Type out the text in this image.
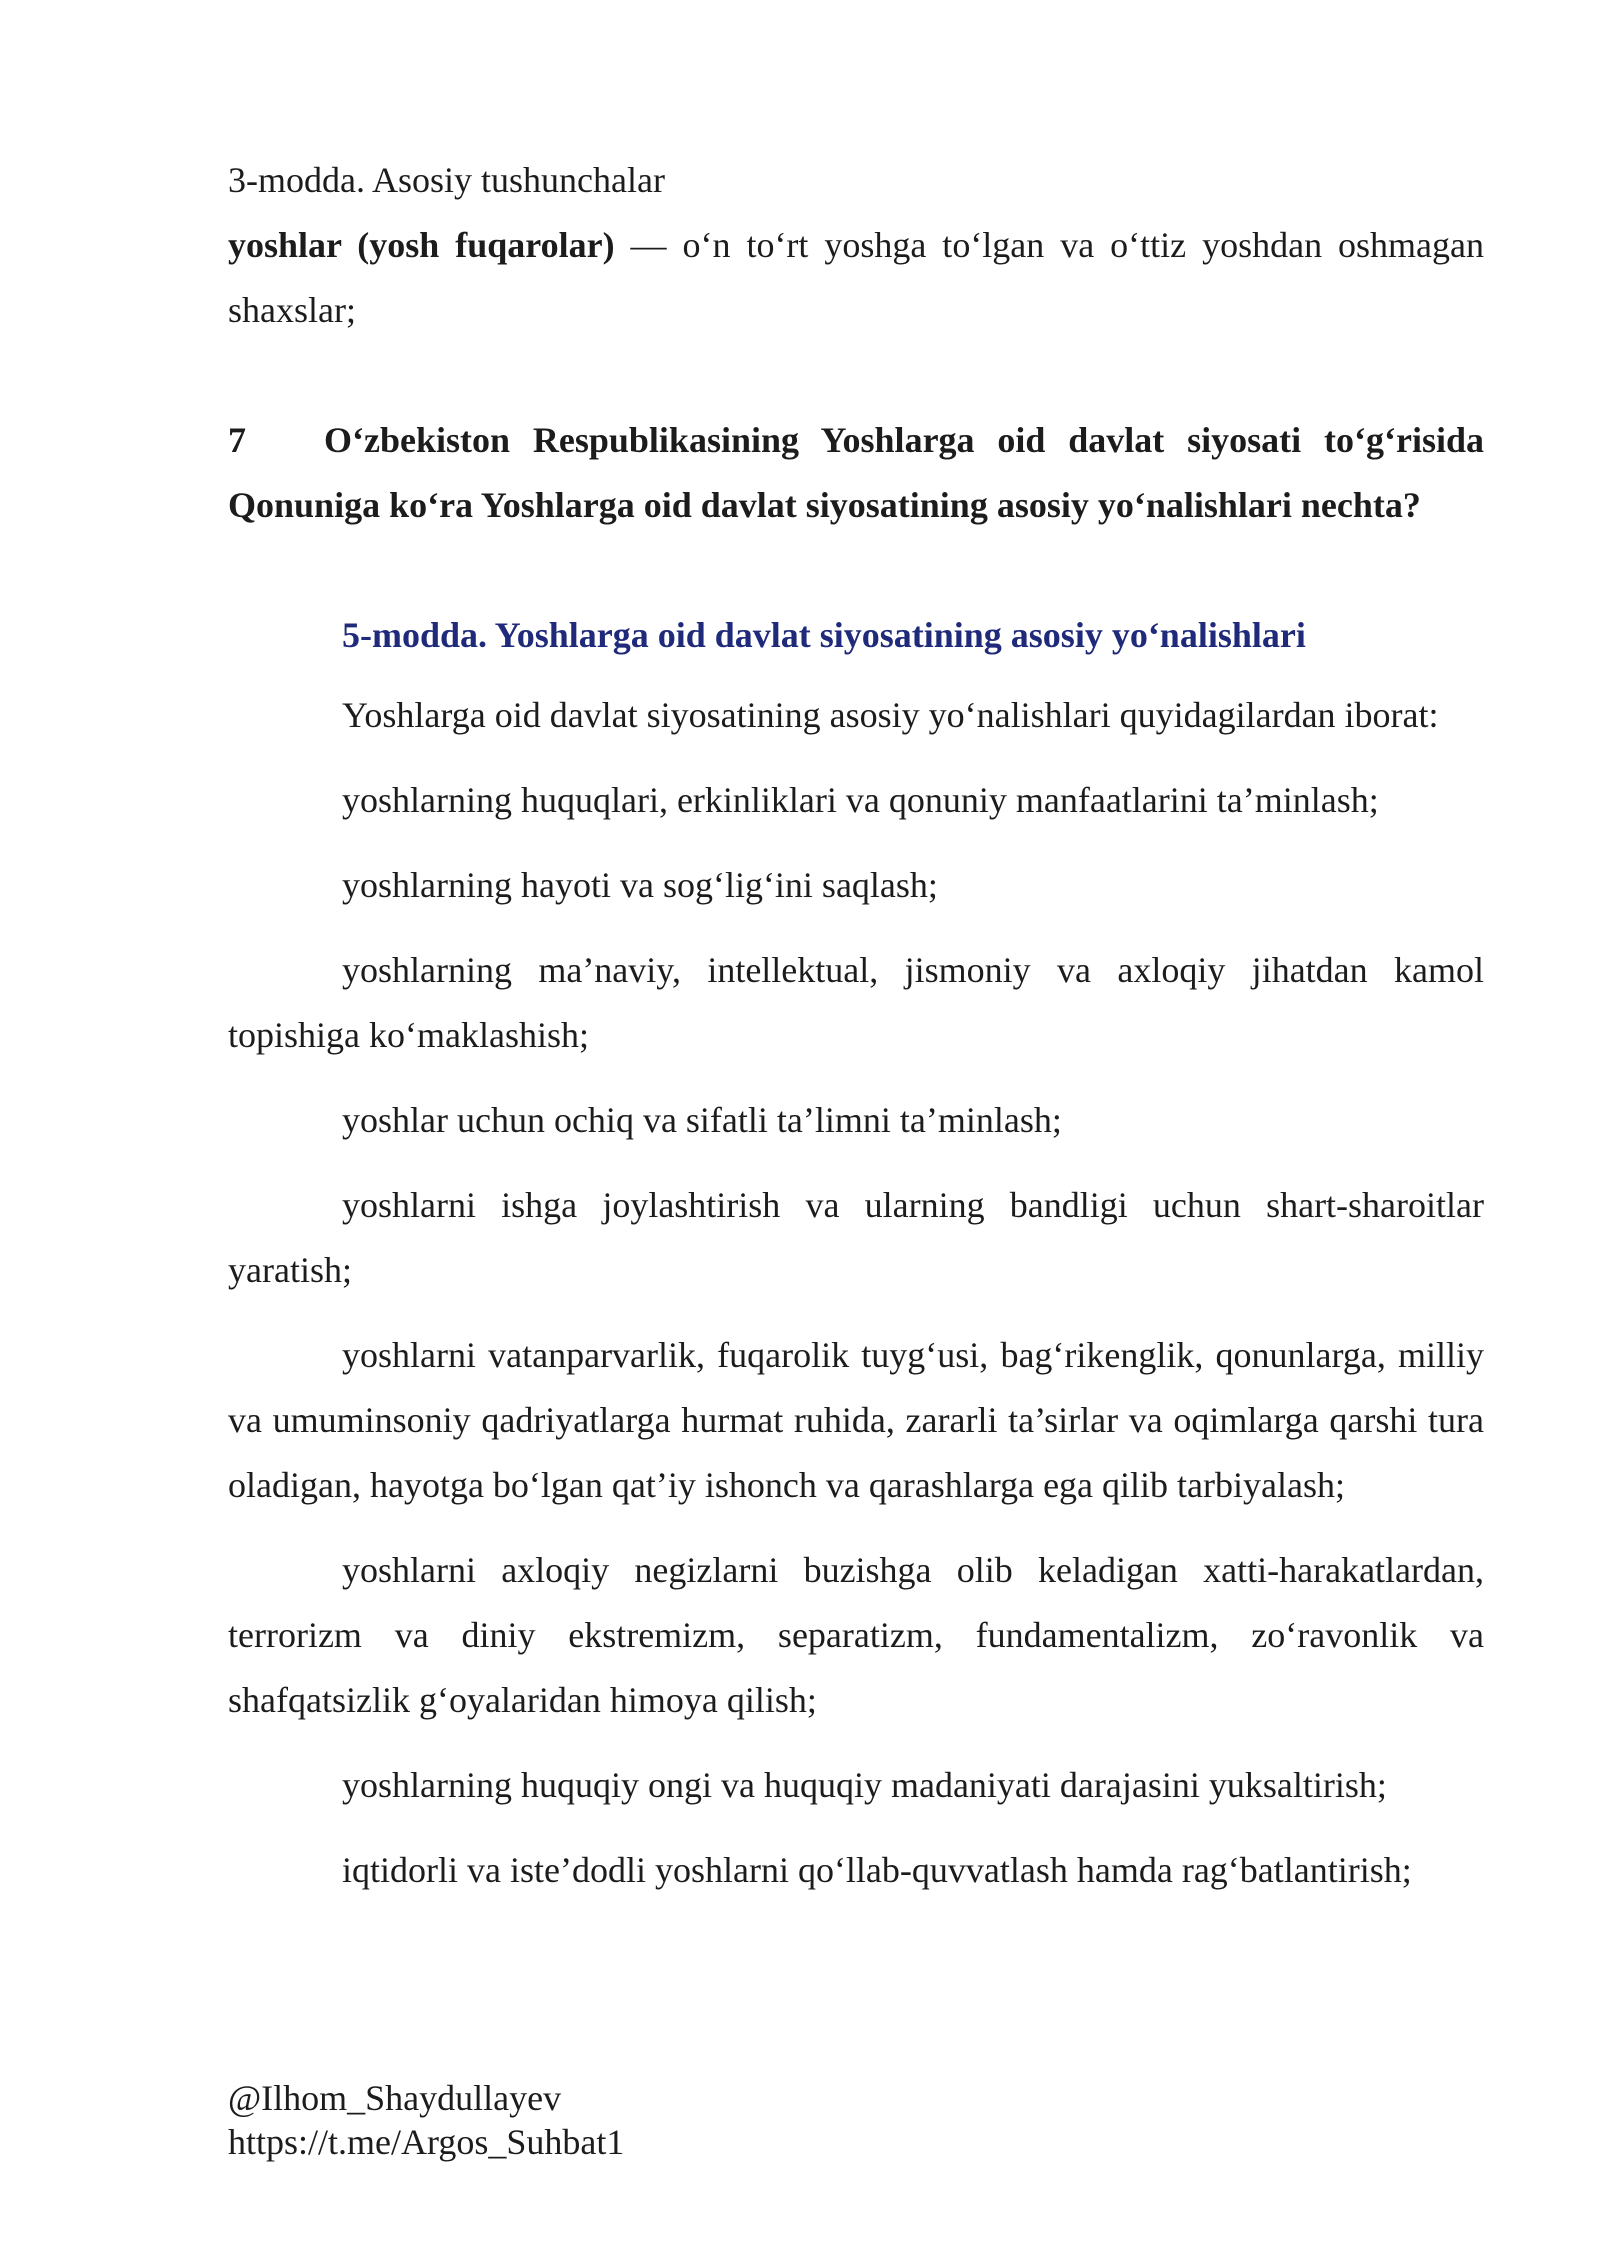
3-modda. Asosiy tushunchalar

yoshlar (yosh fuqarolar) — o‘n to‘rt yoshga to‘lgan va o‘ttiz yoshdan oshmagan shaxslar;

7 O‘zbekiston Respublikasining Yoshlarga oid davlat siyosati to‘g‘risida Qonuniga ko‘ra Yoshlarga oid davlat siyosatining asosiy yo‘nalishlari nechta?

5-modda. Yoshlarga oid davlat siyosatining asosiy yo‘nalishlari

Yoshlarga oid davlat siyosatining asosiy yo‘nalishlari quyidagilardan iborat:

yoshlarning huquqlari, erkinliklari va qonuniy manfaatlarini ta’minlash;

yoshlarning hayoti va sog‘lig‘ini saqlash;

yoshlarning ma’naviy, intellektual, jismoniy va axloqiy jihatdan kamol topishiga ko‘maklashish;

yoshlar uchun ochiq va sifatli ta’limni ta’minlash;

yoshlarni ishga joylashtirish va ularning bandligi uchun shart-sharoitlar yaratish;

yoshlarni vatanparvarlik, fuqarolik tuyg‘usi, bag‘rikenglik, qonunlarga, milliy va umuminsoniy qadriyatlarga hurmat ruhida, zararli ta’sirlar va oqimlarga qarshi tura oladigan, hayotga bo‘lgan qat’iy ishonch va qarashlarga ega qilib tarbiyalash;

yoshlarni axloqiy negizlarni buzishga olib keladigan xatti-harakatlardan, terrorizm va diniy ekstremizm, separatizm, fundamentalizm, zo‘ravonlik va shafqatsizlik g‘oyalaridan himoya qilish;

yoshlarning huquqiy ongi va huquqiy madaniyati darajasini yuksaltirish;

iqtidorli va iste’dodli yoshlarni qo‘llab-quvvatlash hamda rag‘batlantirish;

@Ilhom_Shaydullayev
https://t.me/Argos_Suhbat1
